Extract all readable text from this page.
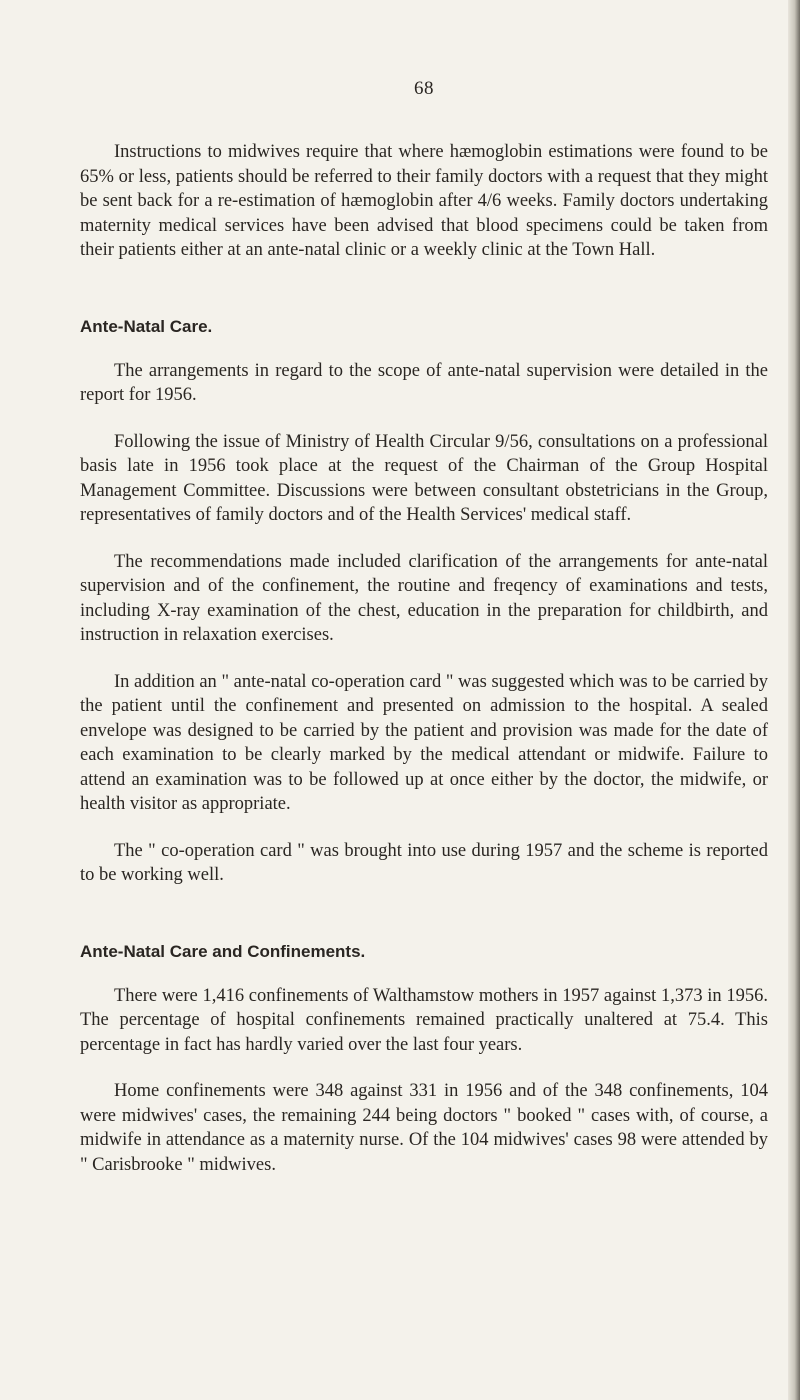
68

Instructions to midwives require that where hæmoglobin estimations were found to be 65% or less, patients should be referred to their family doctors with a request that they might be sent back for a re-estimation of hæmoglobin after 4/6 weeks. Family doctors undertaking maternity medical services have been advised that blood specimens could be taken from their patients either at an ante-natal clinic or a weekly clinic at the Town Hall.

Ante-Natal Care.

The arrangements in regard to the scope of ante-natal supervision were detailed in the report for 1956.

Following the issue of Ministry of Health Circular 9/56, consultations on a professional basis late in 1956 took place at the request of the Chairman of the Group Hospital Management Committee. Discussions were between consultant obstetricians in the Group, representatives of family doctors and of the Health Services' medical staff.

The recommendations made included clarification of the arrangements for ante-natal supervision and of the confinement, the routine and freqency of examinations and tests, including X-ray examination of the chest, education in the preparation for childbirth, and instruction in relaxation exercises.

In addition an " ante-natal co-operation card " was suggested which was to be carried by the patient until the confinement and presented on admission to the hospital. A sealed envelope was designed to be carried by the patient and provision was made for the date of each examination to be clearly marked by the medical attendant or midwife. Failure to attend an examination was to be followed up at once either by the doctor, the midwife, or health visitor as appropriate.

The " co-operation card " was brought into use during 1957 and the scheme is reported to be working well.

Ante-Natal Care and Confinements.

There were 1,416 confinements of Walthamstow mothers in 1957 against 1,373 in 1956. The percentage of hospital confinements remained practically unaltered at 75.4. This percentage in fact has hardly varied over the last four years.

Home confinements were 348 against 331 in 1956 and of the 348 confinements, 104 were midwives' cases, the remaining 244 being doctors " booked " cases with, of course, a midwife in attendance as a maternity nurse. Of the 104 midwives' cases 98 were attended by " Carisbrooke " midwives.
